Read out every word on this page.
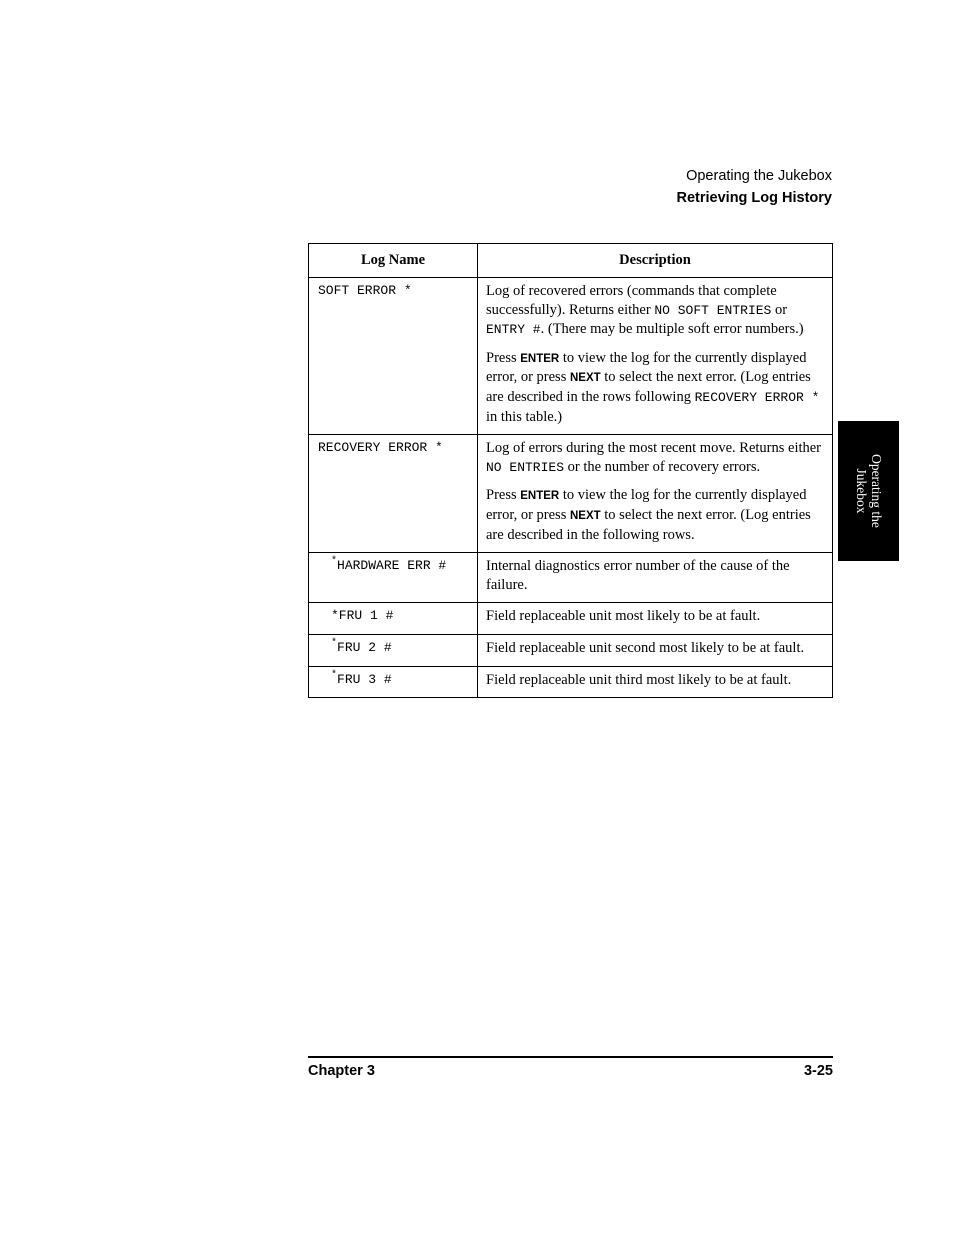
Operating the Jukebox
Retrieving Log History
Log Name	Description
SOFT ERROR *	Log of recovered errors (commands that complete successfully). Returns either NO SOFT ENTRIES or ENTRY #. (There may be multiple soft error numbers.)

Press ENTER to view the log for the currently displayed error, or press NEXT to select the next error. (Log entries are described in the rows following RECOVERY ERROR * in this table.)

RECOVERY ERROR *	Log of errors during the most recent move. Returns either NO ENTRIES or the number of recovery errors.

Press ENTER to view the log for the currently displayed error, or press NEXT to select the next error. (Log entries are described in the following rows.

*HARDWARE ERR #	Internal diagnostics error number of the cause of the failure.
*FRU 1 #	Field replaceable unit most likely to be at fault.
*FRU 2 #	Field replaceable unit second most likely to be at fault.
*FRU 3 #	Field replaceable unit third most likely to be at fault.
Operating the
Jukebox
Chapter 3	3-25
